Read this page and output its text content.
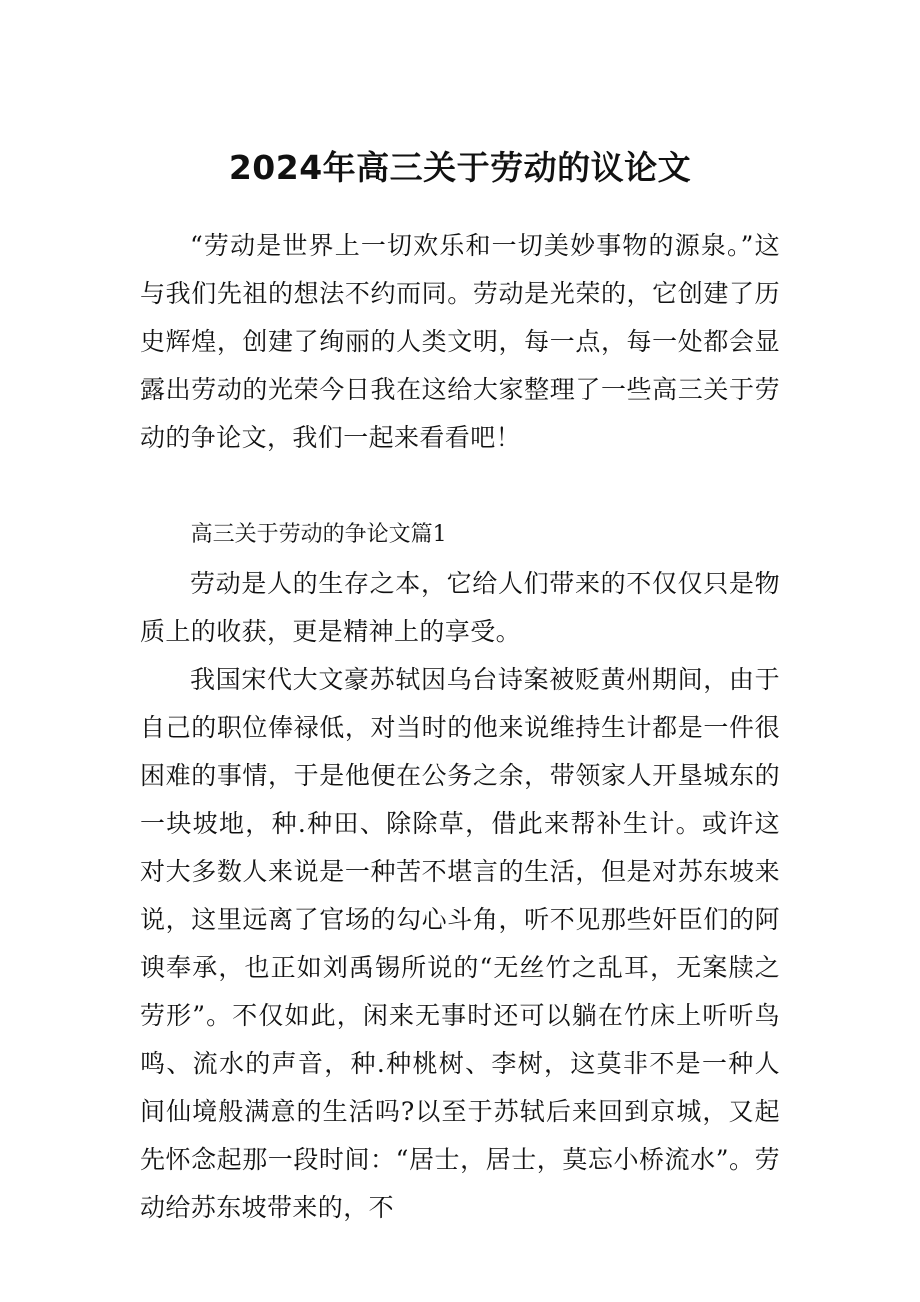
2024年高三关于劳动的议论文

“劳动是世界上一切欢乐和一切美妙事物的源泉。”这与我们先祖的想法不约而同。劳动是光荣的，它创建了历史辉煌，创建了绚丽的人类文明，每一点，每一处都会显露出劳动的光荣今日我在这给大家整理了一些高三关于劳动的争论文，我们一起来看看吧！

高三关于劳动的争论文篇1

劳动是人的生存之本，它给人们带来的不仅仅只是物质上的收获，更是精神上的享受。

我国宋代大文豪苏轼因乌台诗案被贬黄州期间，由于自己的职位俸禄低，对当时的他来说维持生计都是一件很困难的事情，于是他便在公务之余，带领家人开垦城东的一块坡地，种.种田、除除草，借此来帮补生计。或许这对大多数人来说是一种苦不堪言的生活，但是对苏东坡来说，这里远离了官场的勾心斗角，听不见那些奸臣们的阿谀奉承，也正如刘禹锡所说的“无丝竹之乱耳，无案牍之劳形”。不仅如此，闲来无事时还可以躺在竹床上听听鸟鸣、流水的声音，种.种桃树、李树，这莫非不是一种人间仙境般满意的生活吗?以至于苏轼后来回到京城，又起先怀念起那一段时间：“居士，居士，莫忘小桥流水”。劳动给苏东坡带来的，不
